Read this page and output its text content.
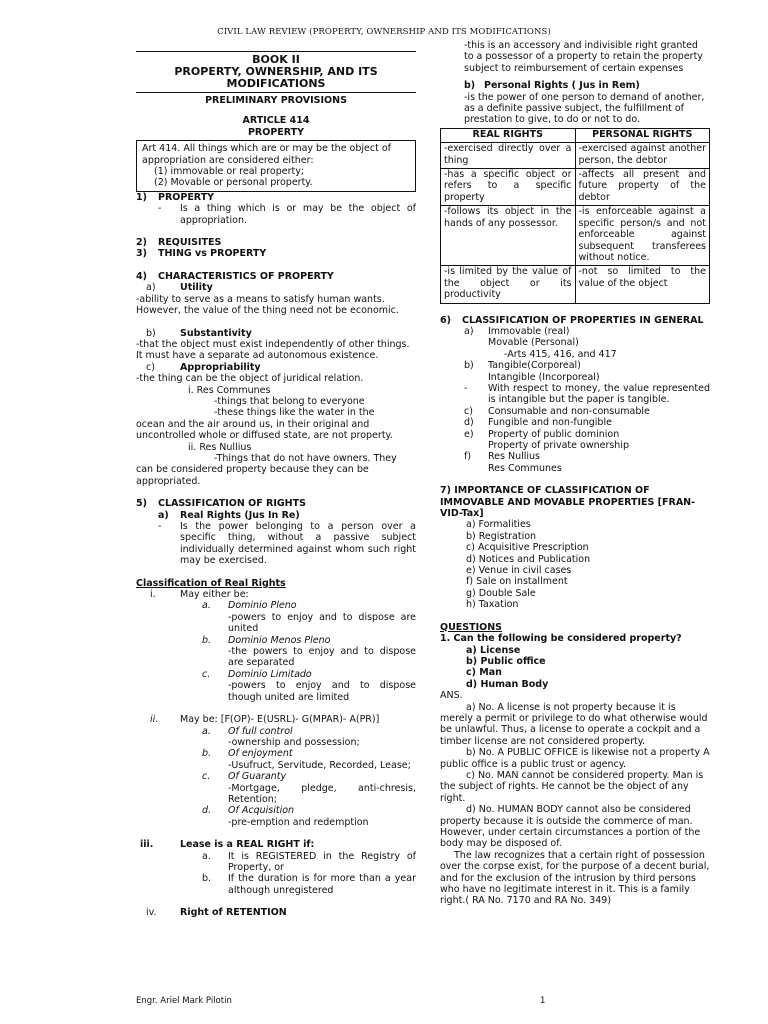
CIVIL LAW REVIEW (PROPERTY, OWNERSHIP AND ITS MODIFICATIONS)
BOOK II
PROPERTY, OWNERSHIP, AND ITS
MODIFICATIONS
PRELIMINARY PROVISIONS
ARTICLE 414
PROPERTY
Art 414. All things which are or may be the object of appropriation are considered either:
(1) immovable or real property;
(2) Movable or personal property.
1)	PROPERTY
-	Is a thing which is or may be the object of appropriation.
2)	REQUISITES
3)	THING vs PROPERTY
4)	CHARACTERISTICS OF PROPERTY
a)	Utility
-ability to serve as a means to satisfy human wants. However, the value of the thing need not be economic.
b)	Substantivity
-that the object must exist independently of other things. It must have a separate ad autonomous existence.
c)	Appropriability
-the thing can be the object of juridical relation.
i. Res Communes
-things that belong to everyone
-these things like the water in the
ocean and the air around us, in their original and uncontrolled whole or diffused state, are not property.
ii. Res Nullius
-Things that do not have owners. They
can be considered property because they can be appropriated.
5)	CLASSIFICATION OF RIGHTS
a)	Real Rights (Jus In Re)
-	Is the power belonging to a person over a specific thing, without a passive subject individually determined against whom such right may be exercised.
Classification of Real Rights
i.	May either be:
a.	Dominio Pleno
-powers to enjoy and to dispose are united
b.	Dominio Menos Pleno
-the powers to enjoy and to dispose are separated
c.	Dominio Limitado
-powers to enjoy and to dispose though united are limited
ii.	May be: [F(OP)- E(USRL)- G(MPAR)- A(PR)]
a.	Of full control
-ownership and possession;
b.	Of enjoyment
-Usufruct, Servitude, Recorded, Lease;
c.	Of Guaranty
-Mortgage, pledge, anti-chresis, Retention;
d.	Of Acquisition
-pre-emption and redemption
iii.	Lease is a REAL RIGHT if:
a.	It is REGISTERED in the Registry of Property, or
b.	If the duration is for more than a year although unregistered
iv.	Right of RETENTION
-this is an accessory and indivisible right granted to a possessor of a property to retain the property subject to reimbursement of certain expenses
b) Personal Rights ( Jus in Rem)
-is the power of one person to demand of another, as a definite passive subject, the fulfillment of prestation to give, to do or not to do.
REAL RIGHTS	PERSONAL RIGHTS
-exercised directly over a thing	-exercised against another person, the debtor
-has a specific object or refers to a specific property	-affects all present and future property of the debtor
-follows its object in the hands of any possessor.	-is enforceable against a specific person/s and not enforceable against subsequent transferees without notice.
-is limited by the value of the object or its productivity	-not so limited to the value of the object
6)	CLASSIFICATION OF PROPERTIES IN GENERAL
a)	Immovable (real)
Movable (Personal)
-Arts 415, 416, and 417
b)	Tangible(Corporeal)
Intangible (Incorporeal)
-	With respect to money, the value represented is intangible but the paper is tangible.
c)	Consumable and non-consumable
d)	Fungible and non-fungible
e)	Property of public dominion
Property of private ownership
f)	Res Nullius
Res Communes
7) IMPORTANCE OF CLASSIFICATION OF IMMOVABLE AND MOVABLE PROPERTIES [FRAN-VID-Tax]
a) Formalities
b) Registration
c) Acquisitive Prescription
d) Notices and Publication
e) Venue in civil cases
f) Sale on installment
g) Double Sale
h) Taxation
QUESTIONS
1. Can the following be considered property?
a) License
b) Public office
c) Man
d) Human Body
ANS.
a) No. A license is not property because it is merely a permit or privilege to do what otherwise would be unlawful. Thus, a license to operate a cockpit and a timber license are not considered property.
b) No. A PUBLIC OFFICE is likewise not a property A public office is a public trust or agency.
c) No. MAN cannot be considered property. Man is the subject of rights. He cannot be the object of any right.
d) No. HUMAN BODY cannot also be considered property because it is outside the commerce of man. However, under certain circumstances a portion of the body may be disposed of.
The law recognizes that a certain right of possession over the corpse exist, for the purpose of a decent burial, and for the exclusion of the intrusion by third persons who have no legitimate interest in it. This is a family right.( RA No. 7170 and RA No. 349)
Engr. Ariel Mark Pilotin	1
